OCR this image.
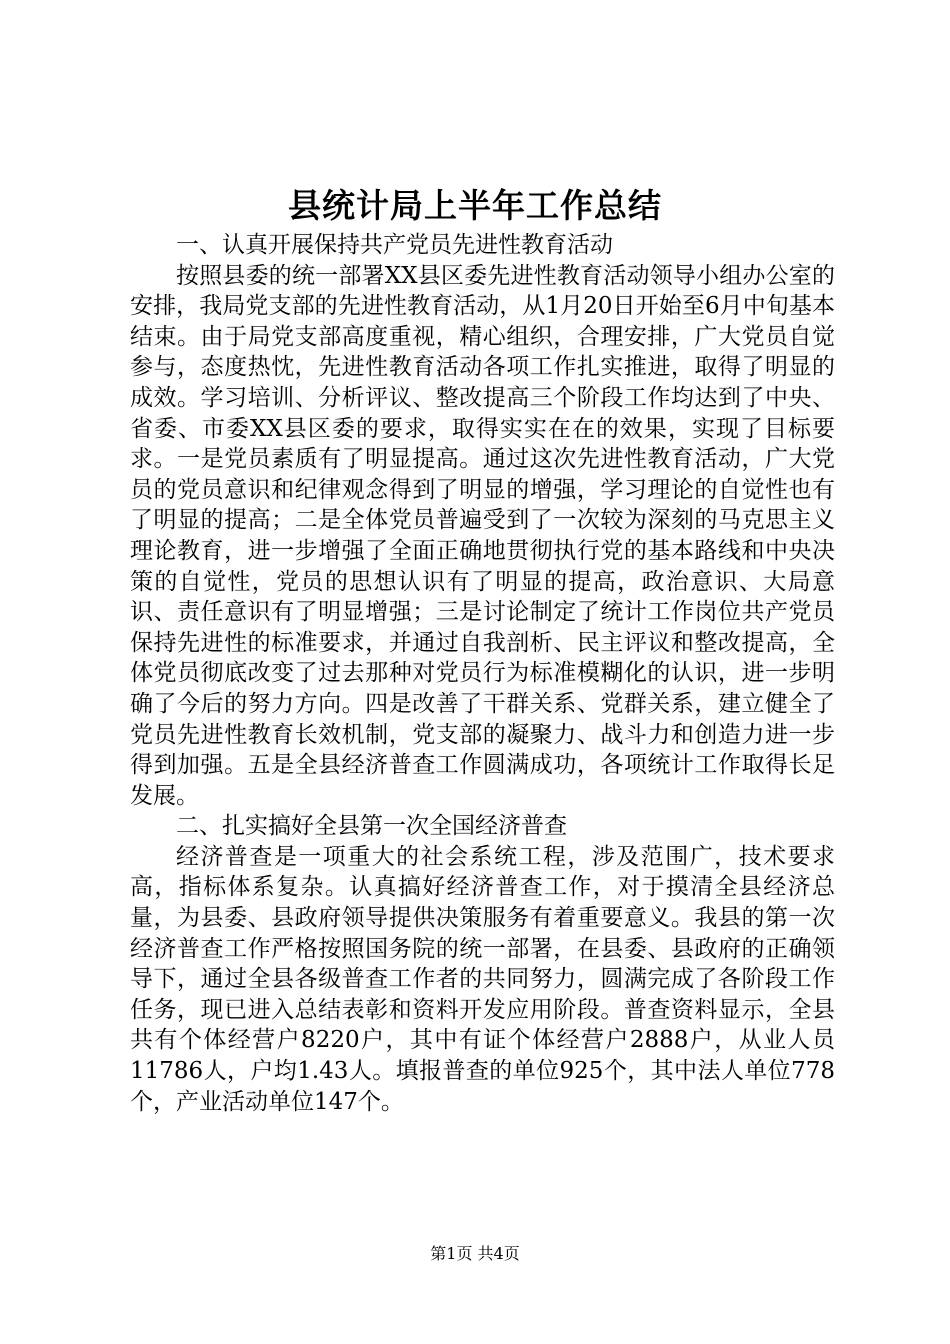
县统计局上半年工作总结

一、认真开展保持共产党员先进性教育活动

按照县委的统一部署XX县区委先进性教育活动领导小组办公室的安排，我局党支部的先进性教育活动，从1月20日开始至6月中旬基本结束。由于局党支部高度重视，精心组织，合理安排，广大党员自觉参与，态度热忱，先进性教育活动各项工作扎实推进，取得了明显的成效。学习培训、分析评议、整改提高三个阶段工作均达到了中央、省委、市委XX县区委的要求，取得实实在在的效果，实现了目标要求。一是党员素质有了明显提高。通过这次先进性教育活动，广大党员的党员意识和纪律观念得到了明显的增强，学习理论的自觉性也有了明显的提高；二是全体党员普遍受到了一次较为深刻的马克思主义理论教育，进一步增强了全面正确地贯彻执行党的基本路线和中央决策的自觉性，党员的思想认识有了明显的提高，政治意识、大局意识、责任意识有了明显增强；三是讨论制定了统计工作岗位共产党员保持先进性的标准要求，并通过自我剖析、民主评议和整改提高，全体党员彻底改变了过去那种对党员行为标准模糊化的认识，进一步明确了今后的努力方向。四是改善了干群关系、党群关系，建立健全了党员先进性教育长效机制，党支部的凝聚力、战斗力和创造力进一步得到加强。五是全县经济普查工作圆满成功，各项统计工作取得长足发展。

二、扎实搞好全县第一次全国经济普查

经济普查是一项重大的社会系统工程，涉及范围广，技术要求高，指标体系复杂。认真搞好经济普查工作，对于摸清全县经济总量，为县委、县政府领导提供决策服务有着重要意义。我县的第一次经济普查工作严格按照国务院的统一部署，在县委、县政府的正确领导下，通过全县各级普查工作者的共同努力，圆满完成了各阶段工作任务，现已进入总结表彰和资料开发应用阶段。普查资料显示，全县共有个体经营户8220户，其中有证个体经营户2888户，从业人员11786人，户均1.43人。填报普查的单位925个，其中法人单位778个，产业活动单位147个。

第1页 共4页
